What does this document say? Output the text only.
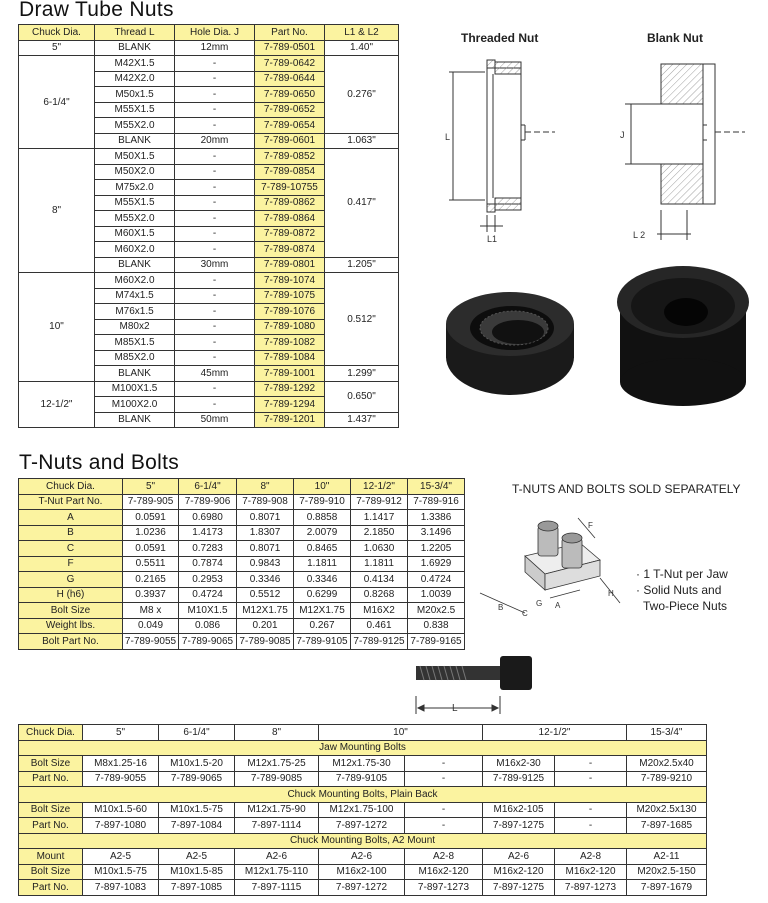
Draw Tube Nuts
Chuck Dia.	Thread L	Hole Dia. J	Part No.	L1 & L2
5"	BLANK	12mm	7-789-0501	1.40"
6-1/4"	M42X1.5	-	7-789-0642	0.276"
	M42X2.0	-	7-789-0644	
	M50x1.5	-	7-789-0650	
	M55X1.5	-	7-789-0652	
	M55X2.0	-	7-789-0654	
	BLANK	20mm	7-789-0601	1.063"
8"	M50X1.5	-	7-789-0852	0.417"
	M50X2.0	-	7-789-0854	
	M75x2.0	-	7-789-10755	
	M55X1.5	-	7-789-0862	
	M55X2.0	-	7-789-0864	
	M60X1.5	-	7-789-0872	
	M60X2.0	-	7-789-0874	
	BLANK	30mm	7-789-0801	1.205"
10"	M60X2.0	-	7-789-1074	0.512"
	M74x1.5	-	7-789-1075	
	M76x1.5	-	7-789-1076	
	M80x2	-	7-789-1080	
	M85X1.5	-	7-789-1082	
	M85X2.0	-	7-789-1084	
	BLANK	45mm	7-789-1001	1.299"
12-1/2"	M100X1.5	-	7-789-1292	0.650"
	M100X2.0	-	7-789-1294	
	BLANK	50mm	7-789-1201	1.437"
Threaded Nut	Blank Nut
L
L1
J
L 2
T-Nuts and Bolts
Chuck Dia.	5"	6-1/4"	8"	10"	12-1/2"	15-3/4"
T-Nut Part No.	7-789-905	7-789-906	7-789-908	7-789-910	7-789-912	7-789-916
A	0.0591	0.6980	0.8071	0.8858	1.1417	1.3386
B	1.0236	1.4173	1.8307	2.0079	2.1850	3.1496
C	0.0591	0.7283	0.8071	0.8465	1.0630	1.2205
F	0.5511	0.7874	0.9843	1.1811	1.1811	1.6929
G	0.2165	0.2953	0.3346	0.3346	0.4134	0.4724
H (h6)	0.3937	0.4724	0.5512	0.6299	0.8268	1.0039
Bolt Size	M8 x	M10X1.5	M12X1.75	M12X1.75	M16X2	M20x2.5
Weight lbs.	0.049	0.086	0.201	0.267	0.461	0.838
Bolt Part No.	7-789-9055	7-789-9065	7-789-9085	7-789-9105	7-789-9125	7-789-9165
T-NUTS AND BOLTS SOLD SEPARATELY
B
C
G A
F
H
· 1 T-Nut per Jaw
· Solid Nuts and
Two-Piece Nuts
L
Chuck Dia.	5"	6-1/4"	8"	10"		12-1/2"		15-3/4"
Jaw Mounting Bolts								
Bolt Size	M8x1.25-16	M10x1.5-20	M12x1.75-25	M12x1.75-30	-	M16x2-30	-	M20x2.5x40
Part No.	7-789-9055	7-789-9065	7-789-9085	7-789-9105	-	7-789-9125	-	7-789-9210
Chuck Mounting Bolts, Plain Back								
Bolt Size	M10x1.5-60	M10x1.5-75	M12x1.75-90	M12x1.75-100	-	M16x2-105	-	M20x2.5x130
Part No.	7-897-1080	7-897-1084	7-897-1114	7-897-1272	-	7-897-1275	-	7-897-1685
Chuck Mounting Bolts, A2 Mount								
Mount	A2-5	A2-5	A2-6	A2-6	A2-8	A2-6	A2-8	A2-11
Bolt Size	M10x1.5-75	M10x1.5-85	M12x1.75-110	M16x2-100	M16x2-120	M16x2-120	M16x2-120	M20x2.5-150
Part No.	7-897-1083	7-897-1085	7-897-1115	7-897-1272	7-897-1273	7-897-1275	7-897-1273	7-897-1679
